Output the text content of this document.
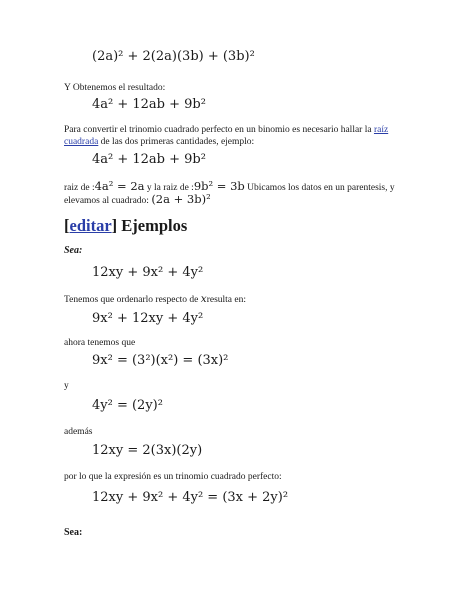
(2a)² + 2(2a)(3b) + (3b)²
Y Obtenemos el resultado:
4a² + 12ab + 9b²
Para convertir el trinomio cuadrado perfecto en un binomio es necesario hallar la raíz
cuadrada de las dos primeras cantidades, ejemplo:
4a² + 12ab + 9b²
raiz de :4a² = 2a y la raiz de :9b² = 3b Ubicamos los datos en un parentesis, y
elevamos al cuadrado: (2a + 3b)²
[editar] Ejemplos
Sea:
12xy + 9x² + 4y²
Tenemos que ordenarlo respecto de xresulta en:
9x² + 12xy + 4y²
ahora tenemos que
9x² = (3²)(x²) = (3x)²
y
4y² = (2y)²
además
12xy = 2(3x)(2y)
por lo que la expresión es un trinomio cuadrado perfecto:
12xy + 9x² + 4y² = (3x + 2y)²
Sea:
